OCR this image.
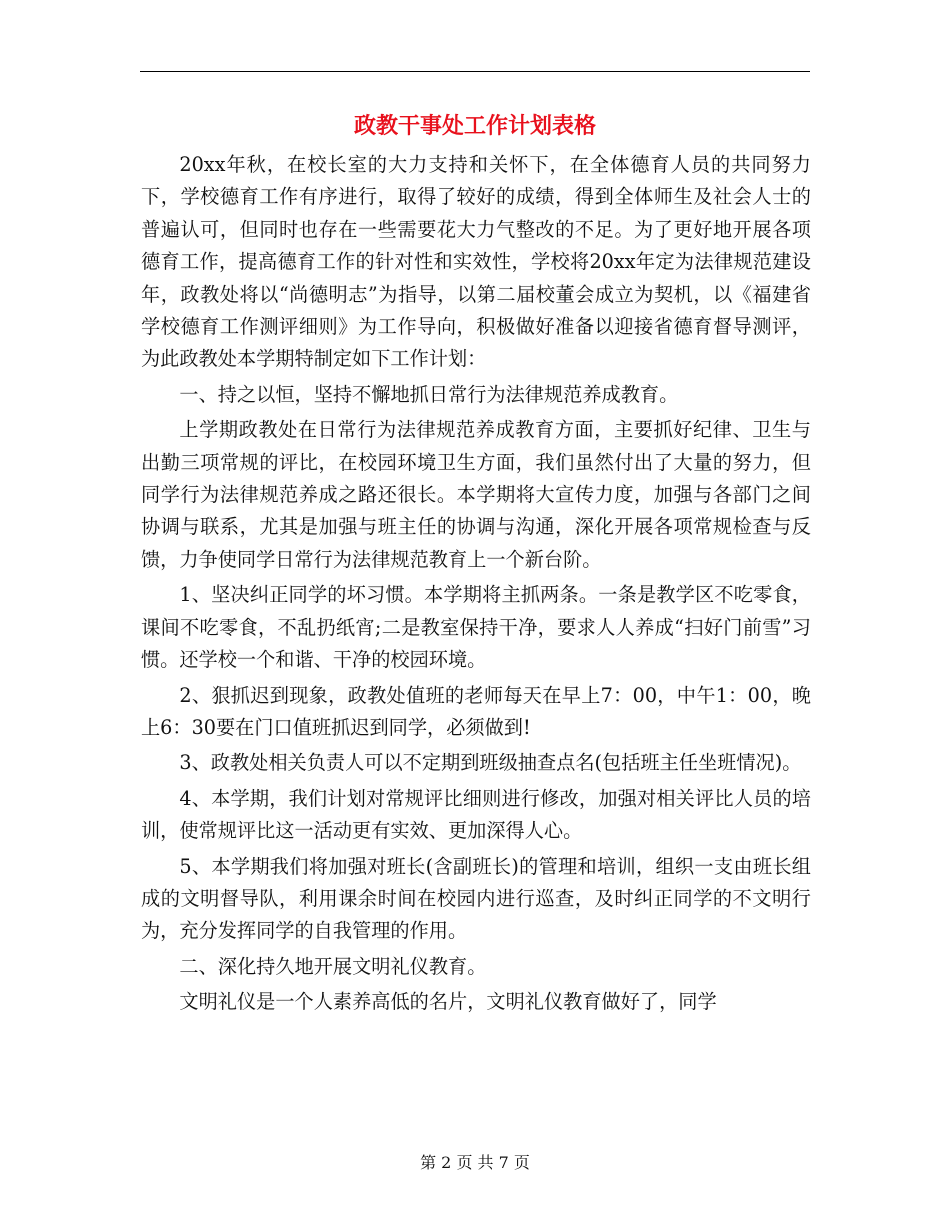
政教干事处工作计划表格

20xx年秋，在校长室的大力支持和关怀下，在全体德育人员的共同努力下，学校德育工作有序进行，取得了较好的成绩，得到全体师生及社会人士的普遍认可，但同时也存在一些需要花大力气整改的不足。为了更好地开展各项德育工作，提高德育工作的针对性和实效性，学校将20xx年定为法律规范建设年，政教处将以“尚德明志”为指导，以第二届校董会成立为契机，以《福建省学校德育工作测评细则》为工作导向，积极做好准备以迎接省德育督导测评，为此政教处本学期特制定如下工作计划：

一、持之以恒，坚持不懈地抓日常行为法律规范养成教育。

上学期政教处在日常行为法律规范养成教育方面，主要抓好纪律、卫生与出勤三项常规的评比，在校园环境卫生方面，我们虽然付出了大量的努力，但同学行为法律规范养成之路还很长。本学期将大宣传力度，加强与各部门之间协调与联系，尤其是加强与班主任的协调与沟通，深化开展各项常规检查与反馈，力争使同学日常行为法律规范教育上一个新台阶。

1、坚决纠正同学的坏习惯。本学期将主抓两条。一条是教学区不吃零食，课间不吃零食，不乱扔纸宵;二是教室保持干净，要求人人养成“扫好门前雪”习惯。还学校一个和谐、干净的校园环境。

2、狠抓迟到现象，政教处值班的老师每天在早上7：00，中午1：00，晚上6：30要在门口值班抓迟到同学，必须做到!

3、政教处相关负责人可以不定期到班级抽查点名(包括班主任坐班情况)。

4、本学期，我们计划对常规评比细则进行修改，加强对相关评比人员的培训，使常规评比这一活动更有实效、更加深得人心。

5、本学期我们将加强对班长(含副班长)的管理和培训，组织一支由班长组成的文明督导队，利用课余时间在校园内进行巡查，及时纠正同学的不文明行为，充分发挥同学的自我管理的作用。

二、深化持久地开展文明礼仪教育。

文明礼仪是一个人素养高低的名片，文明礼仪教育做好了，同学

第 2 页 共 7 页
